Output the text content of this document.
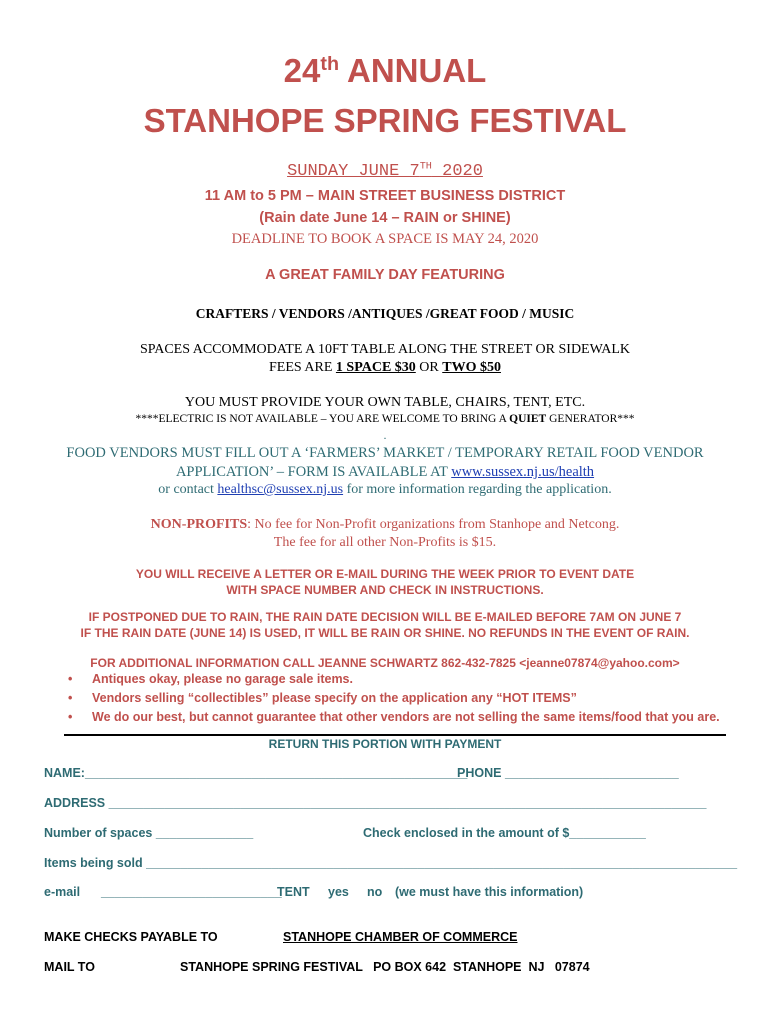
24th ANNUAL
STANHOPE SPRING FESTIVAL
SUNDAY JUNE 7TH 2020
11 AM to 5 PM – MAIN STREET BUSINESS DISTRICT
(Rain date June 14 – RAIN or SHINE)
DEADLINE TO BOOK A SPACE IS MAY 24, 2020
A GREAT FAMILY DAY FEATURING
CRAFTERS / VENDORS /ANTIQUES /GREAT FOOD / MUSIC
SPACES ACCOMMODATE A 10FT TABLE ALONG THE STREET OR SIDEWALK
FEES ARE 1 SPACE $30 OR TWO $50
YOU MUST PROVIDE YOUR OWN TABLE, CHAIRS, TENT, ETC.
****ELECTRIC IS NOT AVAILABLE – YOU ARE WELCOME TO BRING A QUIET GENERATOR***
.
FOOD VENDORS MUST FILL OUT A ‘FARMERS’ MARKET / TEMPORARY RETAIL FOOD VENDOR
APPLICATION’ – FORM IS AVAILABLE AT www.sussex.nj.us/health
or contact healthsc@sussex.nj.us for more information regarding the application.
NON-PROFITS: No fee for Non-Profit organizations from Stanhope and Netcong.
The fee for all other Non-Profits is $15.
YOU WILL RECEIVE A LETTER OR E-MAIL DURING THE WEEK PRIOR TO EVENT DATE
WITH SPACE NUMBER AND CHECK IN INSTRUCTIONS.
IF POSTPONED DUE TO RAIN, THE RAIN DATE DECISION WILL BE E-MAILED BEFORE 7AM ON JUNE 7
IF THE RAIN DATE (JUNE 14) IS USED, IT WILL BE RAIN OR SHINE. NO REFUNDS IN THE EVENT OF RAIN.
FOR ADDITIONAL INFORMATION CALL JEANNE SCHWARTZ 862-432-7825 <jeanne07874@yahoo.com>
• Antiques okay, please no garage sale items.
• Vendors selling “collectibles” please specify on the application any “HOT ITEMS”
• We do our best, but cannot guarantee that other vendors are not selling the same items/food that you are.
RETURN THIS PORTION WITH PAYMENT
NAME:_______________________________________________________
PHONE _________________________
ADDRESS ______________________________________________________________________________________
Number of spaces ______________	Check enclosed in the amount of $___________
Items being sold _____________________________________________________________________________________
e-mail __________________________
TENT yes no (we must have this information)
MAKE CHECKS PAYABLE TO	STANHOPE CHAMBER OF COMMERCE
MAIL TO	STANHOPE SPRING FESTIVAL   PO BOX 642  STANHOPE  NJ   07874
